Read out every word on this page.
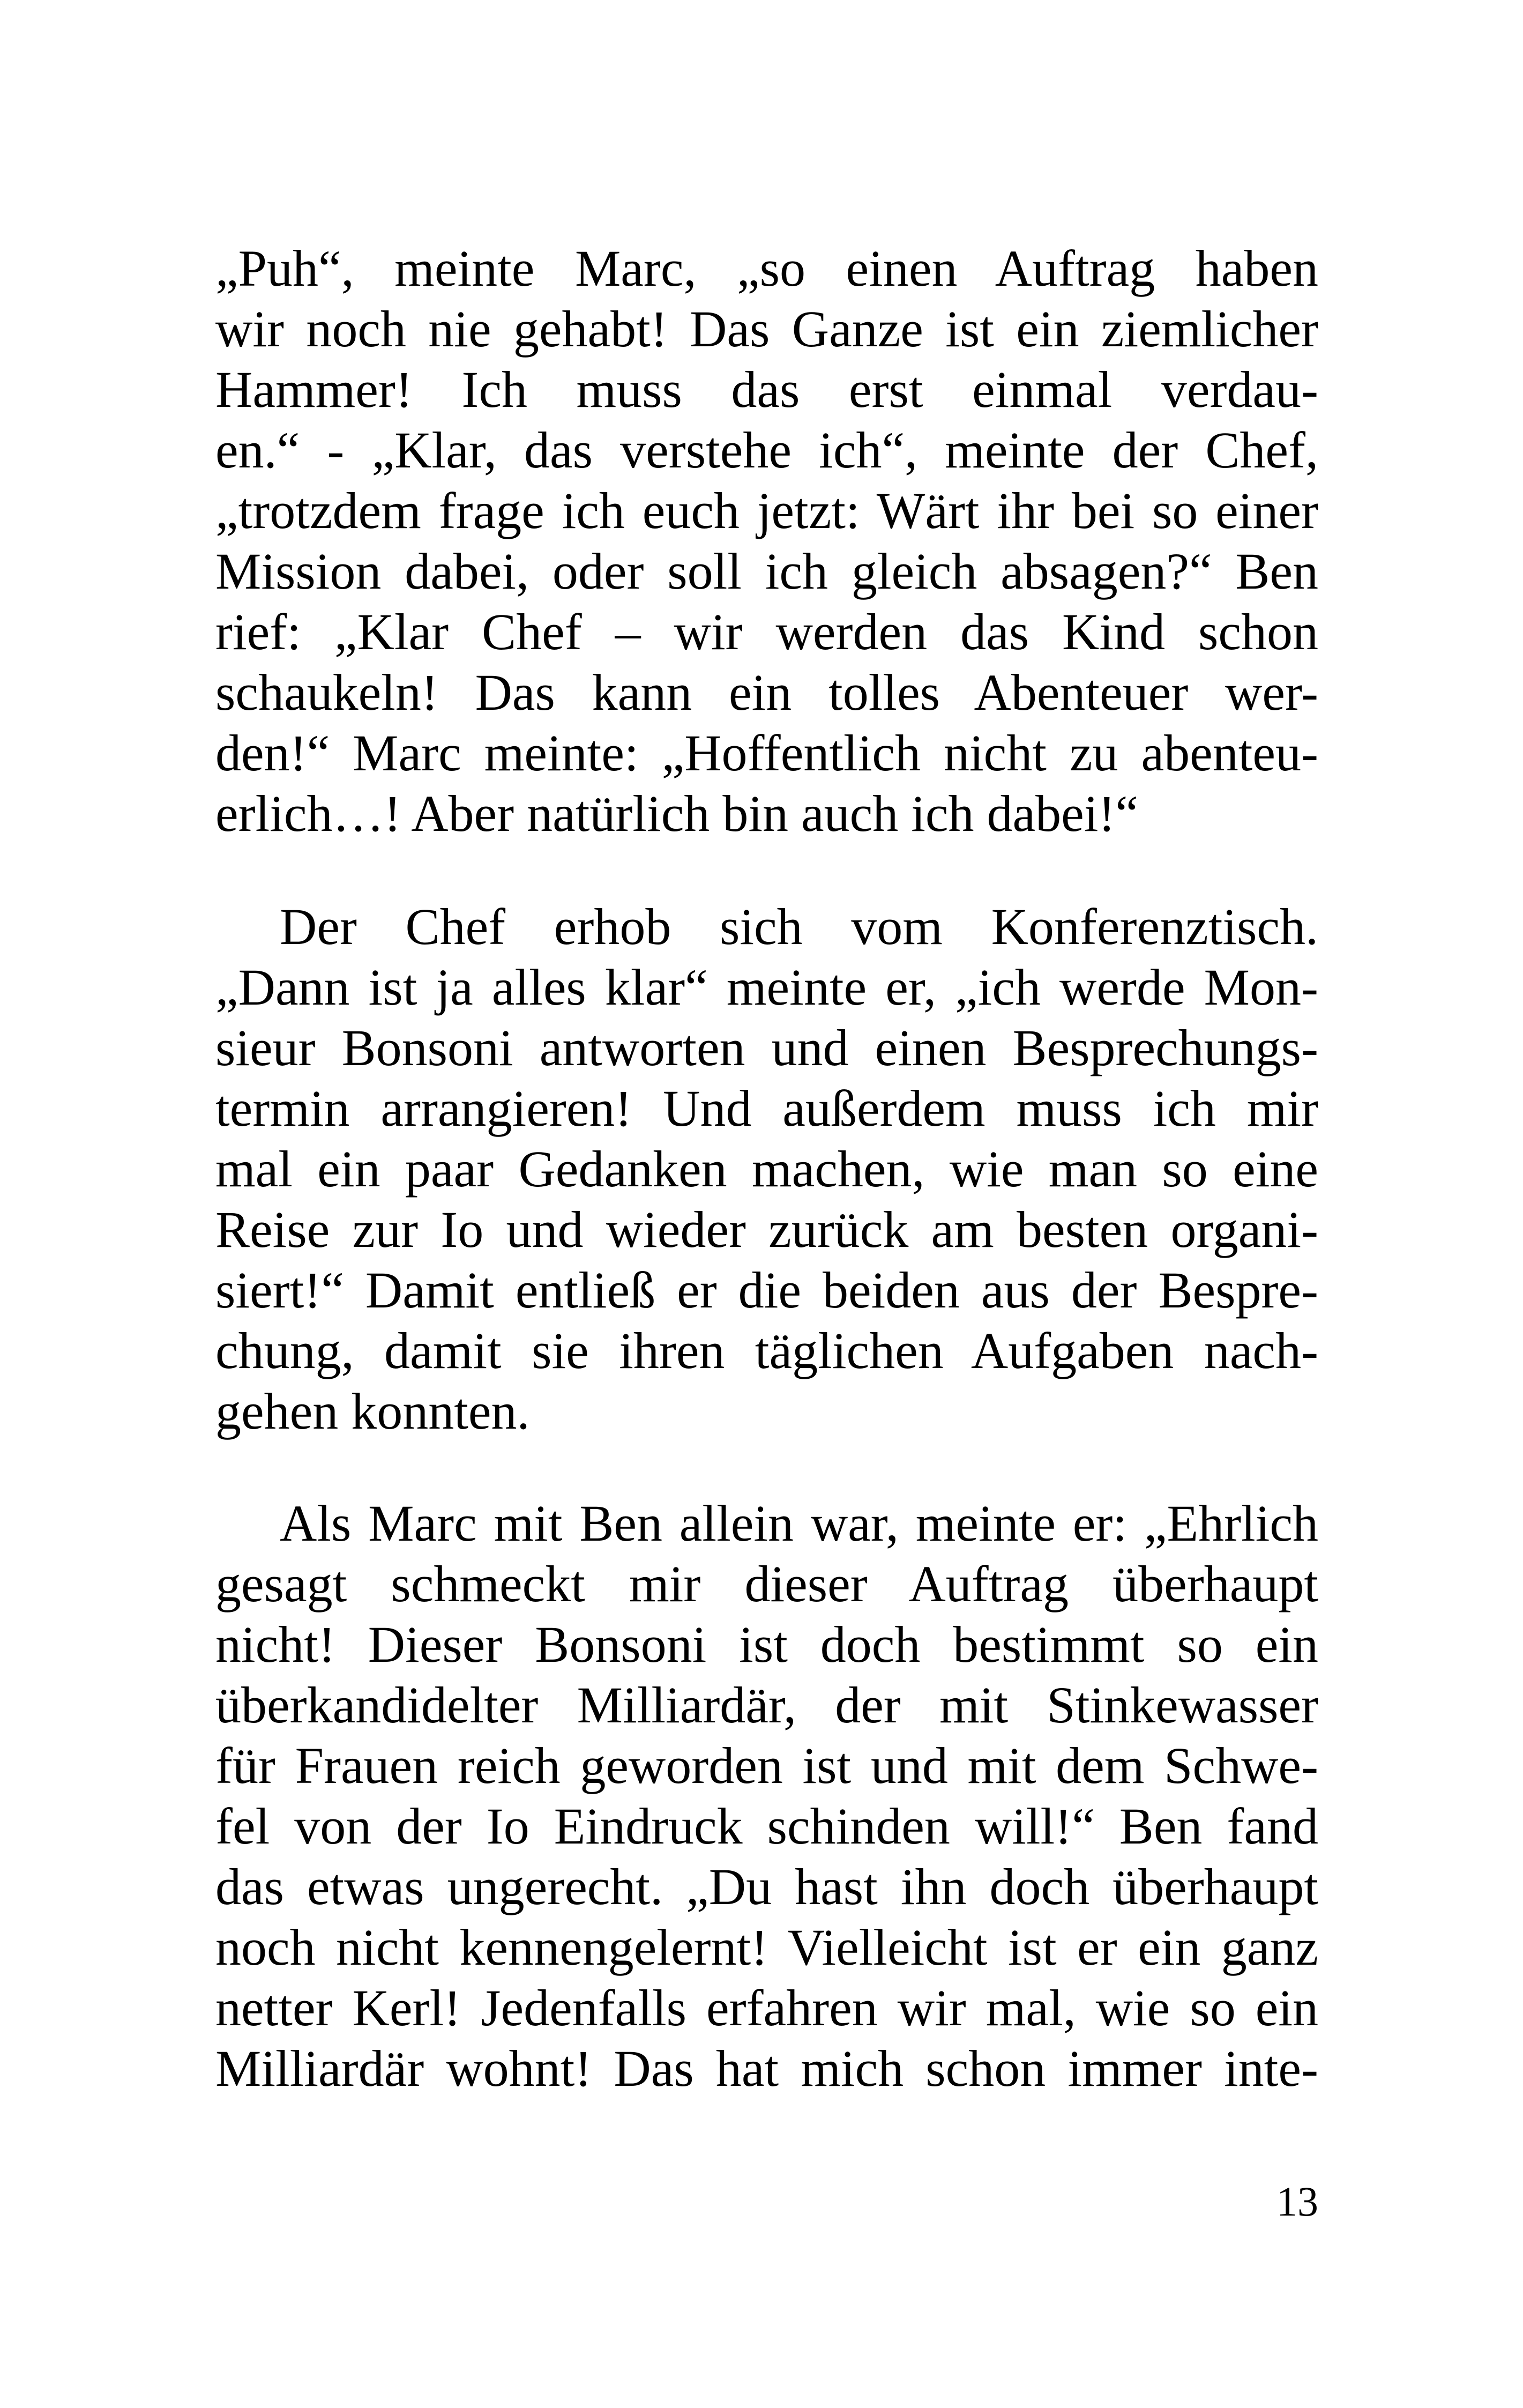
„Puh“, meinte Marc, „so einen Auftrag haben
wir noch nie gehabt! Das Ganze ist ein ziemlicher
Hammer! Ich muss das erst einmal verdau-
en.“ - „Klar, das verstehe ich“, meinte der Chef,
„trotzdem frage ich euch jetzt: Wärt ihr bei so einer
Mission dabei, oder soll ich gleich absagen?“ Ben
rief: „Klar Chef – wir werden das Kind schon
schaukeln! Das kann ein tolles Abenteuer wer-
den!“ Marc meinte: „Hoffentlich nicht zu abenteu-
erlich…! Aber natürlich bin auch ich dabei!“
Der Chef erhob sich vom Konferenztisch.
„Dann ist ja alles klar“ meinte er, „ich werde Mon-
sieur Bonsoni antworten und einen Besprechungs-
termin arrangieren! Und außerdem muss ich mir
mal ein paar Gedanken machen, wie man so eine
Reise zur Io und wieder zurück am besten organi-
siert!“ Damit entließ er die beiden aus der Bespre-
chung, damit sie ihren täglichen Aufgaben nach-
gehen konnten.
Als Marc mit Ben allein war, meinte er: „Ehrlich
gesagt schmeckt mir dieser Auftrag überhaupt
nicht! Dieser Bonsoni ist doch bestimmt so ein
überkandidelter Milliardär, der mit Stinkewasser
für Frauen reich geworden ist und mit dem Schwe-
fel von der Io Eindruck schinden will!“ Ben fand
das etwas ungerecht. „Du hast ihn doch überhaupt
noch nicht kennengelernt! Vielleicht ist er ein ganz
netter Kerl! Jedenfalls erfahren wir mal, wie so ein
Milliardär wohnt! Das hat mich schon immer inte-
13
